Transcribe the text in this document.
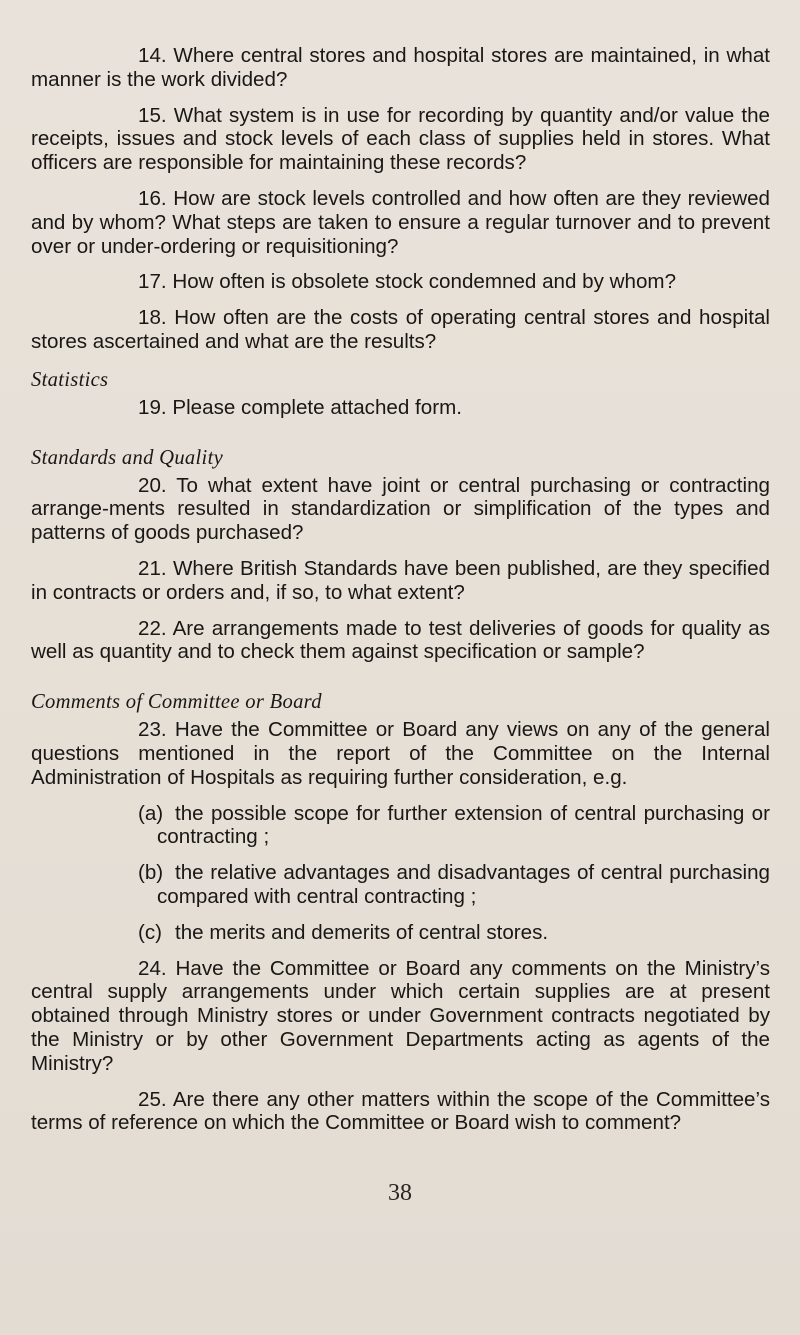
14. Where central stores and hospital stores are maintained, in what manner is the work divided?

15. What system is in use for recording by quantity and/or value the receipts, issues and stock levels of each class of supplies held in stores. What officers are responsible for maintaining these records?

16. How are stock levels controlled and how often are they reviewed and by whom? What steps are taken to ensure a regular turnover and to prevent over or under-ordering or requisitioning?

17. How often is obsolete stock condemned and by whom?

18. How often are the costs of operating central stores and hospital stores ascertained and what are the results?

Statistics

19. Please complete attached form.

Standards and Quality

20. To what extent have joint or central purchasing or contracting arrange-ments resulted in standardization or simplification of the types and patterns of goods purchased?

21. Where British Standards have been published, are they specified in contracts or orders and, if so, to what extent?

22. Are arrangements made to test deliveries of goods for quality as well as quantity and to check them against specification or sample?

Comments of Committee or Board

23. Have the Committee or Board any views on any of the general questions mentioned in the report of the Committee on the Internal Administration of Hospitals as requiring further consideration, e.g.

(a) the possible scope for further extension of central purchasing or contracting ;
(b) the relative advantages and disadvantages of central purchasing compared with central contracting ;
(c) the merits and demerits of central stores.

24. Have the Committee or Board any comments on the Ministry’s central supply arrangements under which certain supplies are at present obtained through Ministry stores or under Government contracts negotiated by the Ministry or by other Government Departments acting as agents of the Ministry?

25. Are there any other matters within the scope of the Committee’s terms of reference on which the Committee or Board wish to comment?

38
